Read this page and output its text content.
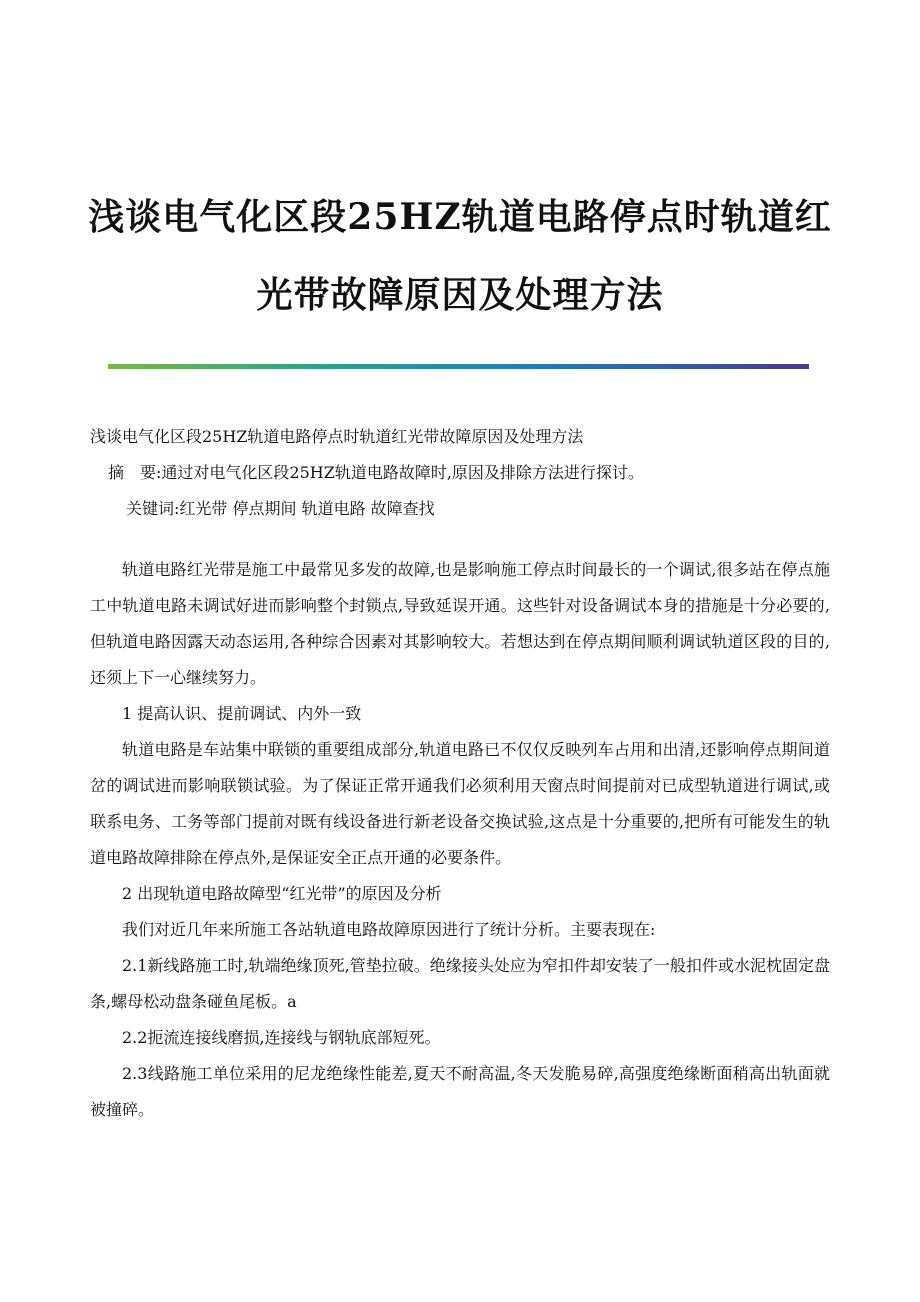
浅谈电气化区段25HZ轨道电路停点时轨道红
光带故障原因及处理方法
浅谈电气化区段25HZ轨道电路停点时轨道红光带故障原因及处理方法
摘　要:通过对电气化区段25HZ轨道电路故障时,原因及排除方法进行探讨。
关键词:红光带 停点期间 轨道电路 故障查找

轨道电路红光带是施工中最常见多发的故障,也是影响施工停点时间最长的一个调试,很多站在停点施工中轨道电路未调试好进而影响整个封锁点,导致延误开通。这些针对设备调试本身的措施是十分必要的,但轨道电路因露天动态运用,各种综合因素对其影响较大。若想达到在停点期间顺利调试轨道区段的目的,还须上下一心继续努力。

1 提高认识、提前调试、内外一致

轨道电路是车站集中联锁的重要组成部分,轨道电路已不仅仅反映列车占用和出清,还影响停点期间道岔的调试进而影响联锁试验。为了保证正常开通我们必须利用天窗点时间提前对已成型轨道进行调试,或联系电务、工务等部门提前对既有线设备进行新老设备交换试验,这点是十分重要的,把所有可能发生的轨道电路故障排除在停点外,是保证安全正点开通的必要条件。

2 出现轨道电路故障型“红光带”的原因及分析

我们对近几年来所施工各站轨道电路故障原因进行了统计分析。主要表现在:

2.1新线路施工时,轨端绝缘顶死,管垫拉破。绝缘接头处应为窄扣件却安装了一般扣件或水泥枕固定盘条,螺母松动盘条碰鱼尾板。a

2.2扼流连接线磨损,连接线与钢轨底部短死。

2.3线路施工单位采用的尼龙绝缘性能差,夏天不耐高温,冬天发脆易碎,高强度绝缘断面稍高出轨面就被撞碎。
